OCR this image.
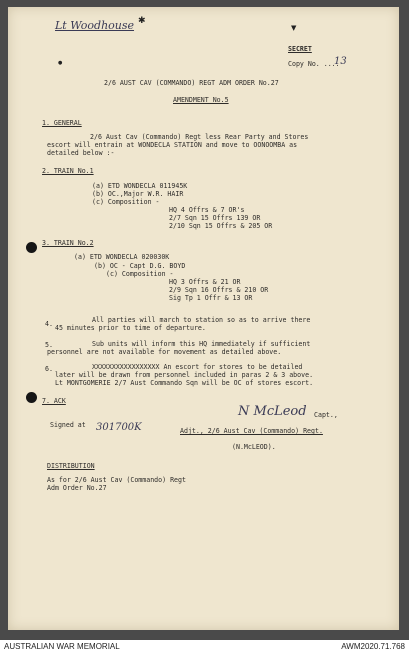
Lt Woodhouse ✱
▼
●
SECRET
Copy No. ....
13
2/6 AUST CAV (COMMANDO) REGT ADM ORDER No.27
AMENDMENT No.5
1. GENERAL
2/6 Aust Cav (Commando) Regt less Rear Party and Stores
escort will entrain at WONDECLA STATION and move to OONOOMBA as
detailed below :-
2. TRAIN No.1
(a) ETD WONDECLA 011945K
(b) OC.,Major W.R. HAIR
(c) Composition -
HQ 4 Offrs & 7 OR's
2/7 Sqn 15 Offrs 139 OR
2/10 Sqn 15 Offrs & 205 OR
3. TRAIN No.2
(a) ETD WONDECLA 020030K
(b) OC - Capt D.G. BOYD
(c) Composition -
HQ 3 Offrs & 21 OR
2/9 Sqn 16 Offrs & 210 OR
Sig Tp 1 Offr & 13 OR
4.	All parties will march to station so as to arrive there
45 minutes prior to time of departure.
5.	Sub units will inform this HQ immediately if sufficient
personnel are not available for movement as detailed above.
6.	XXXXXXXXXXXXXXXXX An escort for stores to be detailed
later will be drawn from personnel included in paras 2 & 3 above.
Lt MONTGOMERIE 2/7 Aust Commando Sqn will be OC of stores escort.
7. ACK
Signed at 301700K
N McLeod Capt.,
Adjt., 2/6 Aust Cav (Commando) Regt.
(N.McLEOD).
DISTRIBUTION
As for 2/6 Aust Cav (Commando) Regt
Adm Order No.27
AUSTRALIAN WAR MEMORIAL	AWM2020.71.768
